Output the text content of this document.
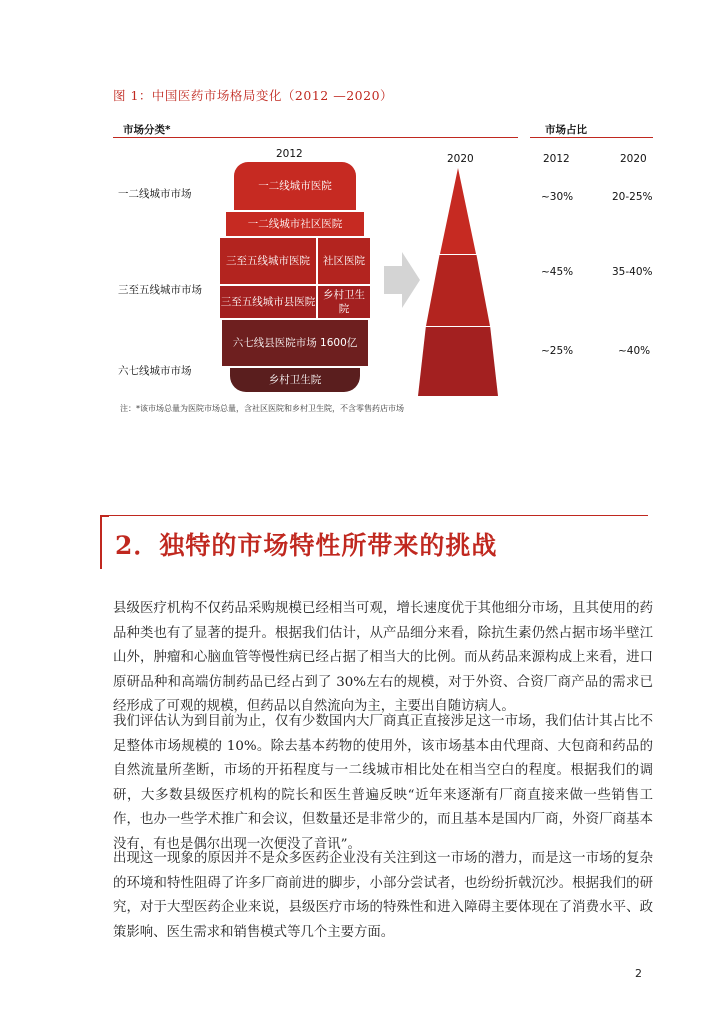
图 1：中国医药市场格局变化（2012 —2020）
市场分类*	市场占比
2012	2020	2012	2020
一二线城市市场
三至五线城市市场
六七线城市市场
一二线城市医院
一二线城市社区医院
三至五线城市医院	社区医院
三至五线城市县医院
乡村卫生院
六七线县医院市场 1600亿
乡村卫生院
~30%	20-25%
~45%	35-40%
~25%	~40%
注：*该市场总量为医院市场总量，含社区医院和乡村卫生院，不含零售药店市场
2．独特的市场特性所带来的挑战

县级医疗机构不仅药品采购规模已经相当可观，增长速度优于其他细分市场，且其使用的药品种类也有了显著的提升。根据我们估计，从产品细分来看，除抗生素仍然占据市场半壁江山外，肿瘤和心脑血管等慢性病已经占据了相当大的比例。而从药品来源构成上来看，进口原研品种和高端仿制药品已经占到了 30%左右的规模，对于外资、合资厂商产品的需求已经形成了可观的规模，但药品以自然流向为主，主要出自随访病人。

我们评估认为到目前为止，仅有少数国内大厂商真正直接涉足这一市场，我们估计其占比不足整体市场规模的 10%。除去基本药物的使用外，该市场基本由代理商、大包商和药品的自然流量所垄断，市场的开拓程度与一二线城市相比处在相当空白的程度。根据我们的调研，大多数县级医疗机构的院长和医生普遍反映“近年来逐渐有厂商直接来做一些销售工作，也办一些学术推广和会议，但数量还是非常少的，而且基本是国内厂商，外资厂商基本没有，有也是偶尔出现一次便没了音讯”。

出现这一现象的原因并不是众多医药企业没有关注到这一市场的潜力，而是这一市场的复杂的环境和特性阻碍了许多厂商前进的脚步，小部分尝试者，也纷纷折戟沉沙。根据我们的研究，对于大型医药企业来说，县级医疗市场的特殊性和进入障碍主要体现在了消费水平、政策影响、医生需求和销售模式等几个主要方面。

2
